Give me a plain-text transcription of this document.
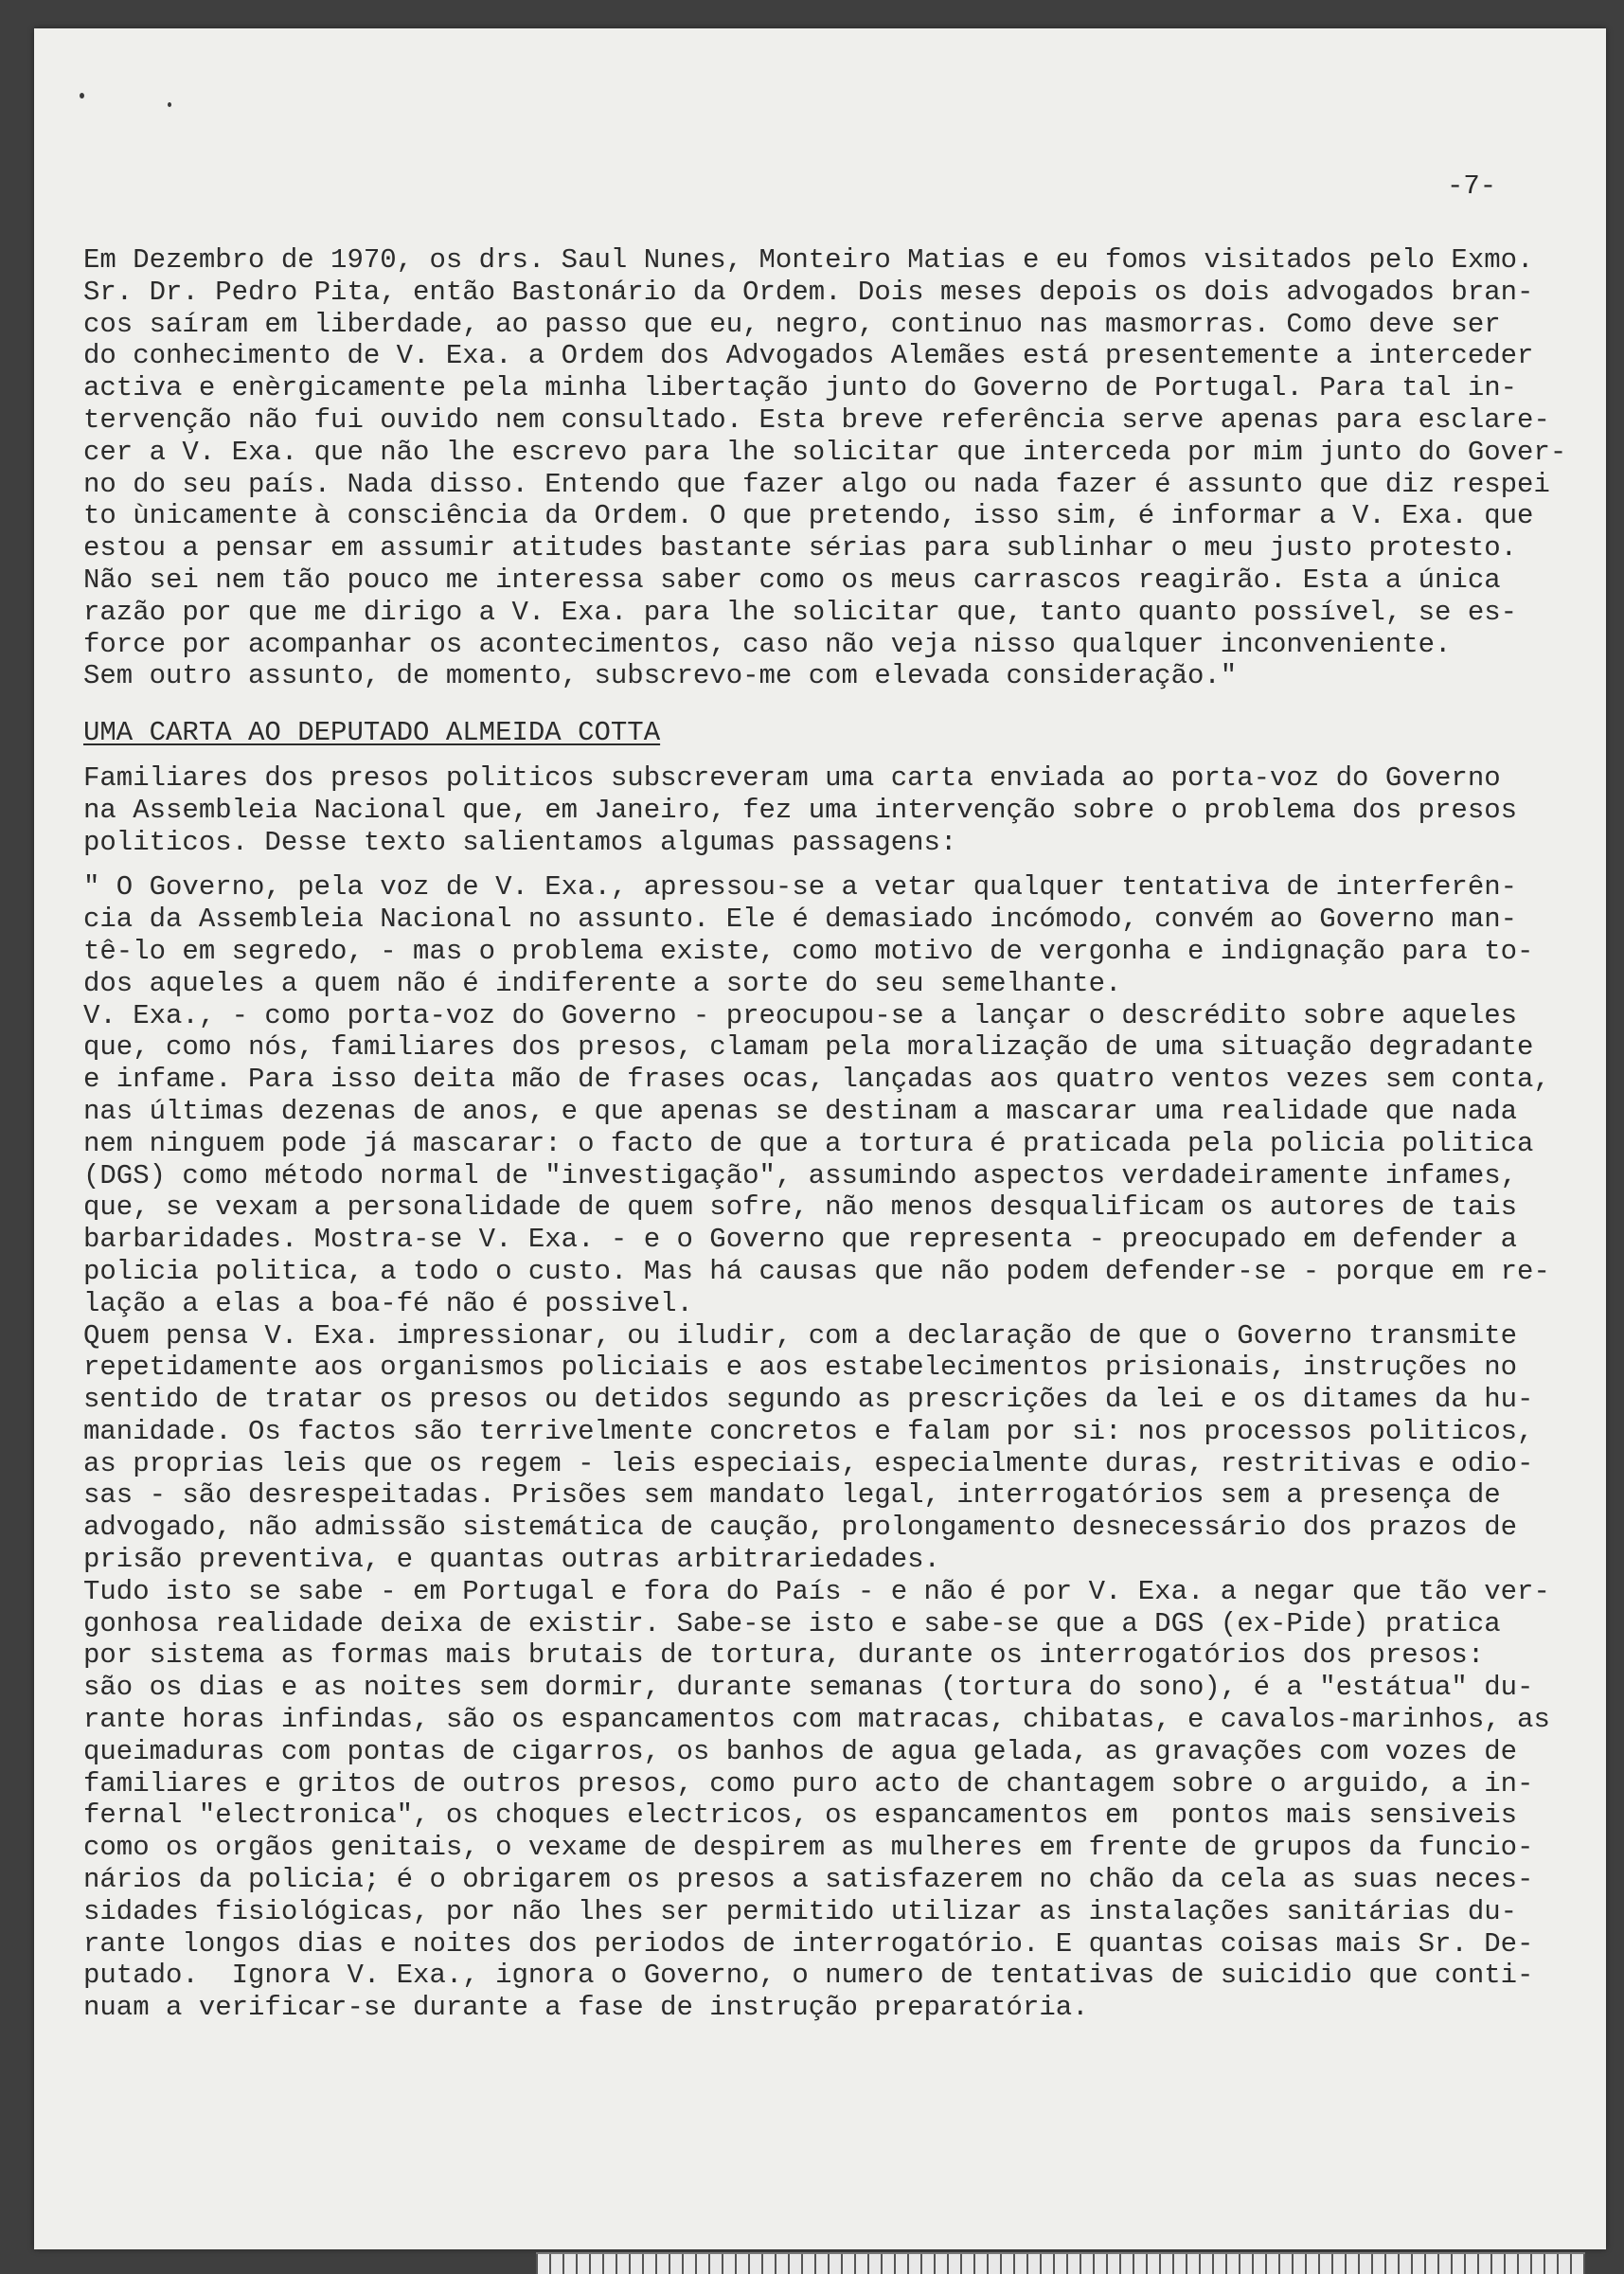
-7-
Em Dezembro de 1970, os drs. Saul Nunes, Monteiro Matias e eu fomos visitados pelo Exmo.
Sr. Dr. Pedro Pita, então Bastonário da Ordem. Dois meses depois os dois advogados bran-
cos saíram em liberdade, ao passo que eu, negro, continuo nas masmorras. Como deve ser
do conhecimento de V. Exa. a Ordem dos Advogados Alemães está presentemente a interceder
activa e enèrgicamente pela minha libertação junto do Governo de Portugal. Para tal in-
tervenção não fui ouvido nem consultado. Esta breve referência serve apenas para esclare-
cer a V. Exa. que não lhe escrevo para lhe solicitar que interceda por mim junto do Gover-
no do seu país. Nada disso. Entendo que fazer algo ou nada fazer é assunto que diz respei
to ùnicamente à consciência da Ordem. O que pretendo, isso sim, é informar a V. Exa. que
estou a pensar em assumir atitudes bastante sérias para sublinhar o meu justo protesto.
Não sei nem tão pouco me interessa saber como os meus carrascos reagirão. Esta a única
razão por que me dirigo a V. Exa. para lhe solicitar que, tanto quanto possível, se es-
force por acompanhar os acontecimentos, caso não veja nisso qualquer inconveniente.
Sem outro assunto, de momento, subscrevo-me com elevada consideração."
UMA CARTA AO DEPUTADO ALMEIDA COTTA
Familiares dos presos politicos subscreveram uma carta enviada ao porta-voz do Governo
na Assembleia Nacional que, em Janeiro, fez uma intervenção sobre o problema dos presos
politicos. Desse texto salientamos algumas passagens:
" O Governo, pela voz de V. Exa., apressou-se a vetar qualquer tentativa de interferên-
cia da Assembleia Nacional no assunto. Ele é demasiado incómodo, convém ao Governo man-
tê-lo em segredo, - mas o problema existe, como motivo de vergonha e indignação para to-
dos aqueles a quem não é indiferente a sorte do seu semelhante.
V. Exa., - como porta-voz do Governo - preocupou-se a lançar o descrédito sobre aqueles
que, como nós, familiares dos presos, clamam pela moralização de uma situação degradante
e infame. Para isso deita mão de frases ocas, lançadas aos quatro ventos vezes sem conta,
nas últimas dezenas de anos, e que apenas se destinam a mascarar uma realidade que nada
nem ninguem pode já mascarar: o facto de que a tortura é praticada pela policia politica
(DGS) como método normal de "investigação", assumindo aspectos verdadeiramente infames,
que, se vexam a personalidade de quem sofre, não menos desqualificam os autores de tais
barbaridades. Mostra-se V. Exa. - e o Governo que representa - preocupado em defender a
policia politica, a todo o custo. Mas há causas que não podem defender-se - porque em re-
lação a elas a boa-fé não é possivel.
Quem pensa V. Exa. impressionar, ou iludir, com a declaração de que o Governo transmite
repetidamente aos organismos policiais e aos estabelecimentos prisionais, instruções no
sentido de tratar os presos ou detidos segundo as prescrições da lei e os ditames da hu-
manidade. Os factos são terrivelmente concretos e falam por si: nos processos politicos,
as proprias leis que os regem - leis especiais, especialmente duras, restritivas e odio-
sas - são desrespeitadas. Prisões sem mandato legal, interrogatórios sem a presença de
advogado, não admissão sistemática de caução, prolongamento desnecessário dos prazos de
prisão preventiva, e quantas outras arbitrariedades.
Tudo isto se sabe - em Portugal e fora do País - e não é por V. Exa. a negar que tão ver-
gonhosa realidade deixa de existir. Sabe-se isto e sabe-se que a DGS (ex-Pide) pratica
por sistema as formas mais brutais de tortura, durante os interrogatórios dos presos:
são os dias e as noites sem dormir, durante semanas (tortura do sono), é a "estátua" du-
rante horas infindas, são os espancamentos com matracas, chibatas, e cavalos-marinhos, as
queimaduras com pontas de cigarros, os banhos de agua gelada, as gravações com vozes de
familiares e gritos de outros presos, como puro acto de chantagem sobre o arguido, a in-
fernal "electronica", os choques electricos, os espancamentos em  pontos mais sensiveis
como os orgãos genitais, o vexame de despirem as mulheres em frente de grupos da funcio-
nários da policia; é o obrigarem os presos a satisfazerem no chão da cela as suas neces-
sidades fisiológicas, por não lhes ser permitido utilizar as instalações sanitárias du-
rante longos dias e noites dos periodos de interrogatório. E quantas coisas mais Sr. De-
putado.  Ignora V. Exa., ignora o Governo, o numero de tentativas de suicidio que conti-
nuam a verificar-se durante a fase de instrução preparatória.
